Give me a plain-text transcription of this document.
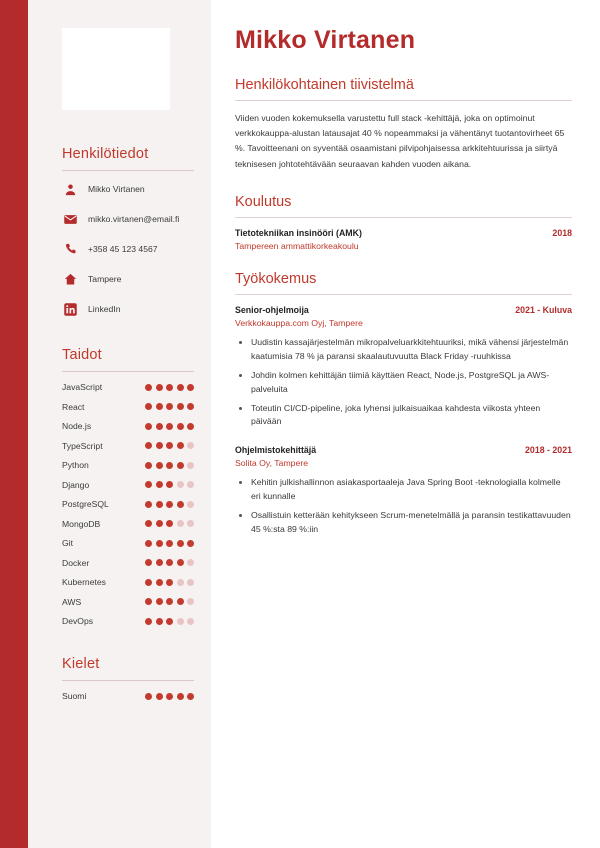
Henkilötiedot
Mikko Virtanen
mikko.virtanen@email.fi
+358 45 123 4567
Tampere
LinkedIn
Taidot
JavaScript
React
Node.js
TypeScript
Python
Django
PostgreSQL
MongoDB
Git
Docker
Kubernetes
AWS
DevOps
Kielet
Suomi
Mikko Virtanen
Henkilökohtainen tiivistelmä

Viiden vuoden kokemuksella varustettu full stack -kehittäjä, joka on optimoinut verkkokauppa-alustan latausajat 40 % nopeammaksi ja vähentänyt tuotantovirheet 65 %. Tavoitteenani on syventää osaamistani pilvipohjaisessa arkkitehtuurissa ja siirtyä teknisesen johtotehtävään seuraavan kahden vuoden aikana.

Koulutus
Tietotekniikan insinööri (AMK)	2018
Tampereen ammattikorkeakoulu
Työkokemus
Senior-ohjelmoija	2021 - Kuluva
Verkkokauppa.com Oyj, Tampere
• Uudistin kassajärjestelmän mikropalveluarkkitehtuuriksi, mikä vähensi järjestelmän kaatumisia 78 % ja paransi skaalautuvuutta Black Friday -ruuhkissa
• Johdin kolmen kehittäjän tiimiä käyttäen React, Node.js, PostgreSQL ja AWS-palveluita
• Toteutin CI/CD-pipeline, joka lyhensi julkaisuaikaa kahdesta viikosta yhteen päivään
Ohjelmistokehittäjä	2018 - 2021
Solita Oy, Tampere
• Kehitin julkishallinnon asiakasportaaleja Java Spring Boot -teknologialla kolmelle eri kunnalle
• Osallistuin ketterään kehitykseen Scrum-menetelmällä ja paransin testikattavuuden 45 %:sta 89 %:iin
